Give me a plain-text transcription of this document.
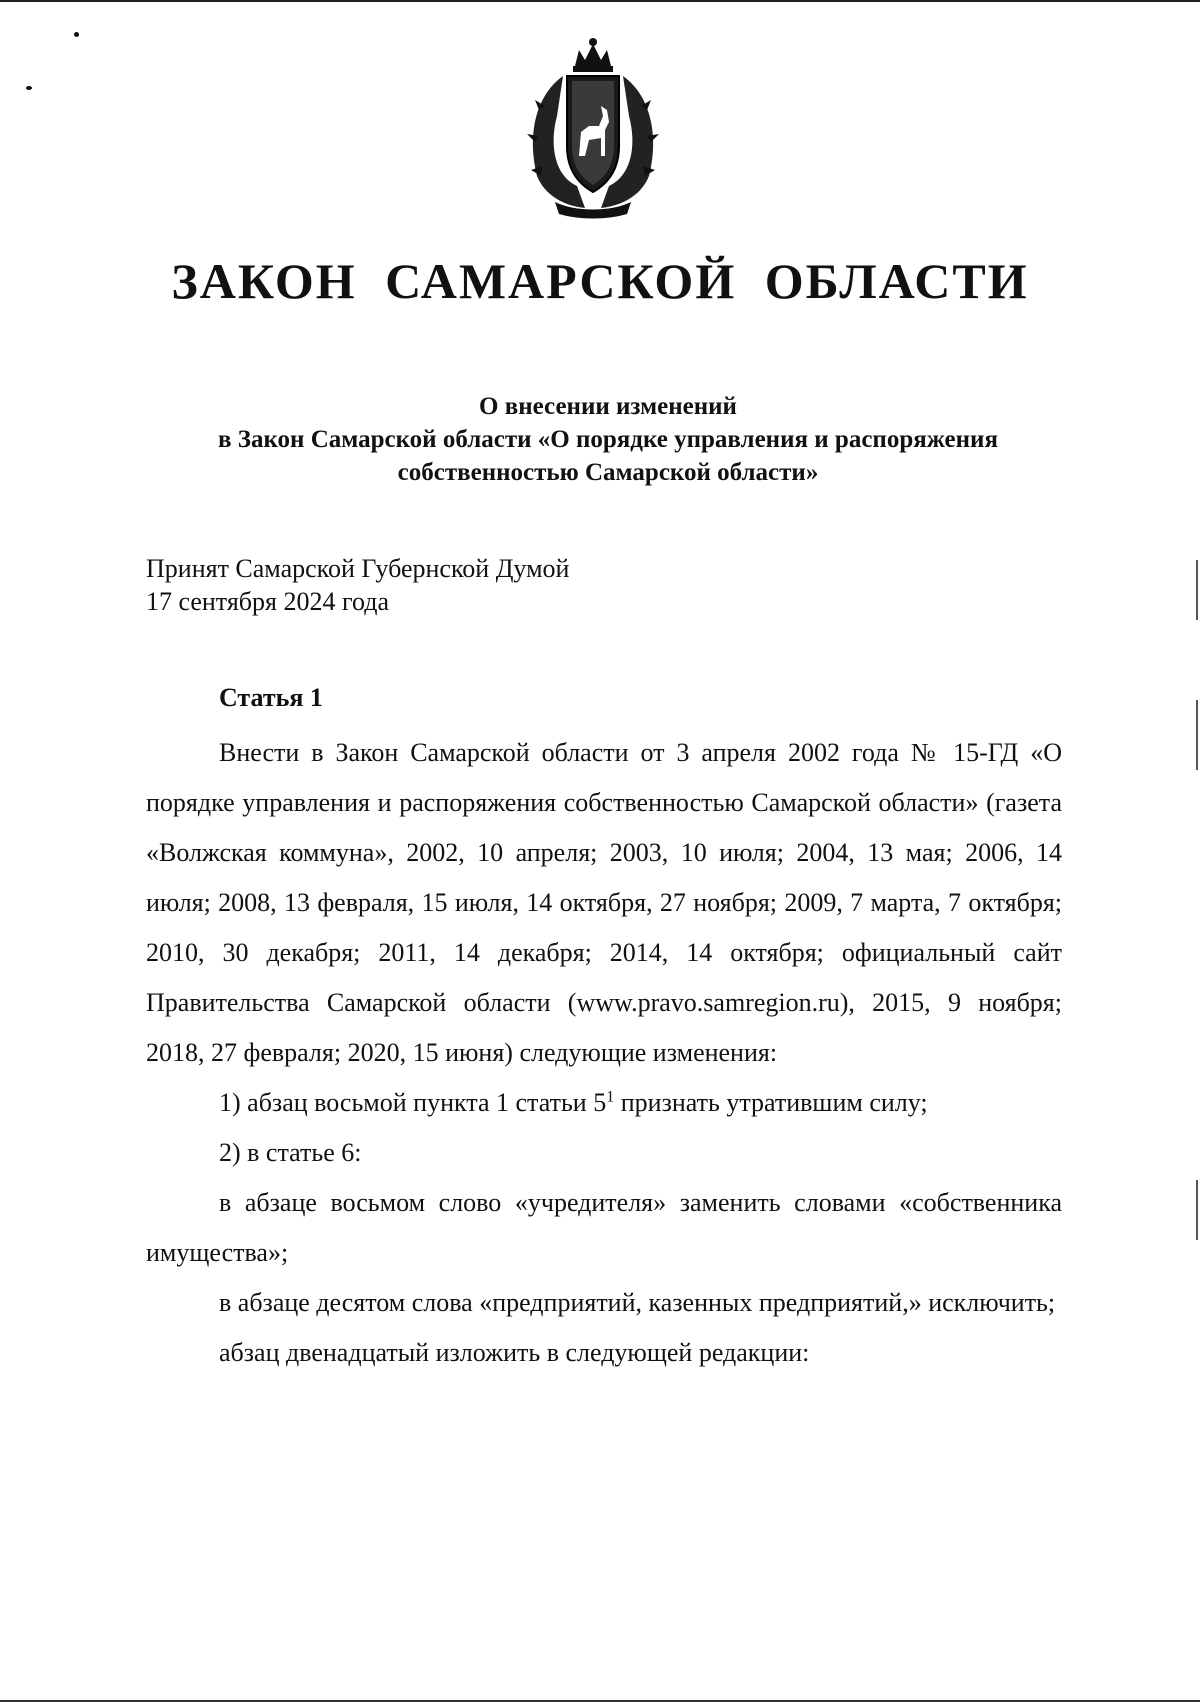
ЗАКОН САМАРСКОЙ ОБЛАСТИ
О внесении изменений
в Закон Самарской области «О порядке управления и распоряжения
собственностью Самарской области»
Принят Самарской Губернской Думой
17 сентября 2024 года
Статья 1

Внести в Закон Самарской области от 3 апреля 2002 года № 15-ГД «О порядке управления и распоряжения собственностью Самарской области» (газета «Волжская коммуна», 2002, 10 апреля; 2003, 10 июля; 2004, 13 мая; 2006, 14 июля; 2008, 13 февраля, 15 июля, 14 октября, 27 ноября; 2009, 7 марта, 7 октября; 2010, 30 декабря; 2011, 14 декабря; 2014, 14 октября; официальный сайт Правительства Самарской области (www.pravo.samregion.ru), 2015, 9 ноября; 2018, 27 февраля; 2020, 15 июня) следующие изменения:

1) абзац восьмой пункта 1 статьи $5^1$ признать утратившим силу;

2) в статье 6:

в абзаце восьмом слово «учредителя» заменить словами «собственника имущества»;

в абзаце десятом слова «предприятий, казенных предприятий,» исключить;

абзац двенадцатый изложить в следующей редакции:
